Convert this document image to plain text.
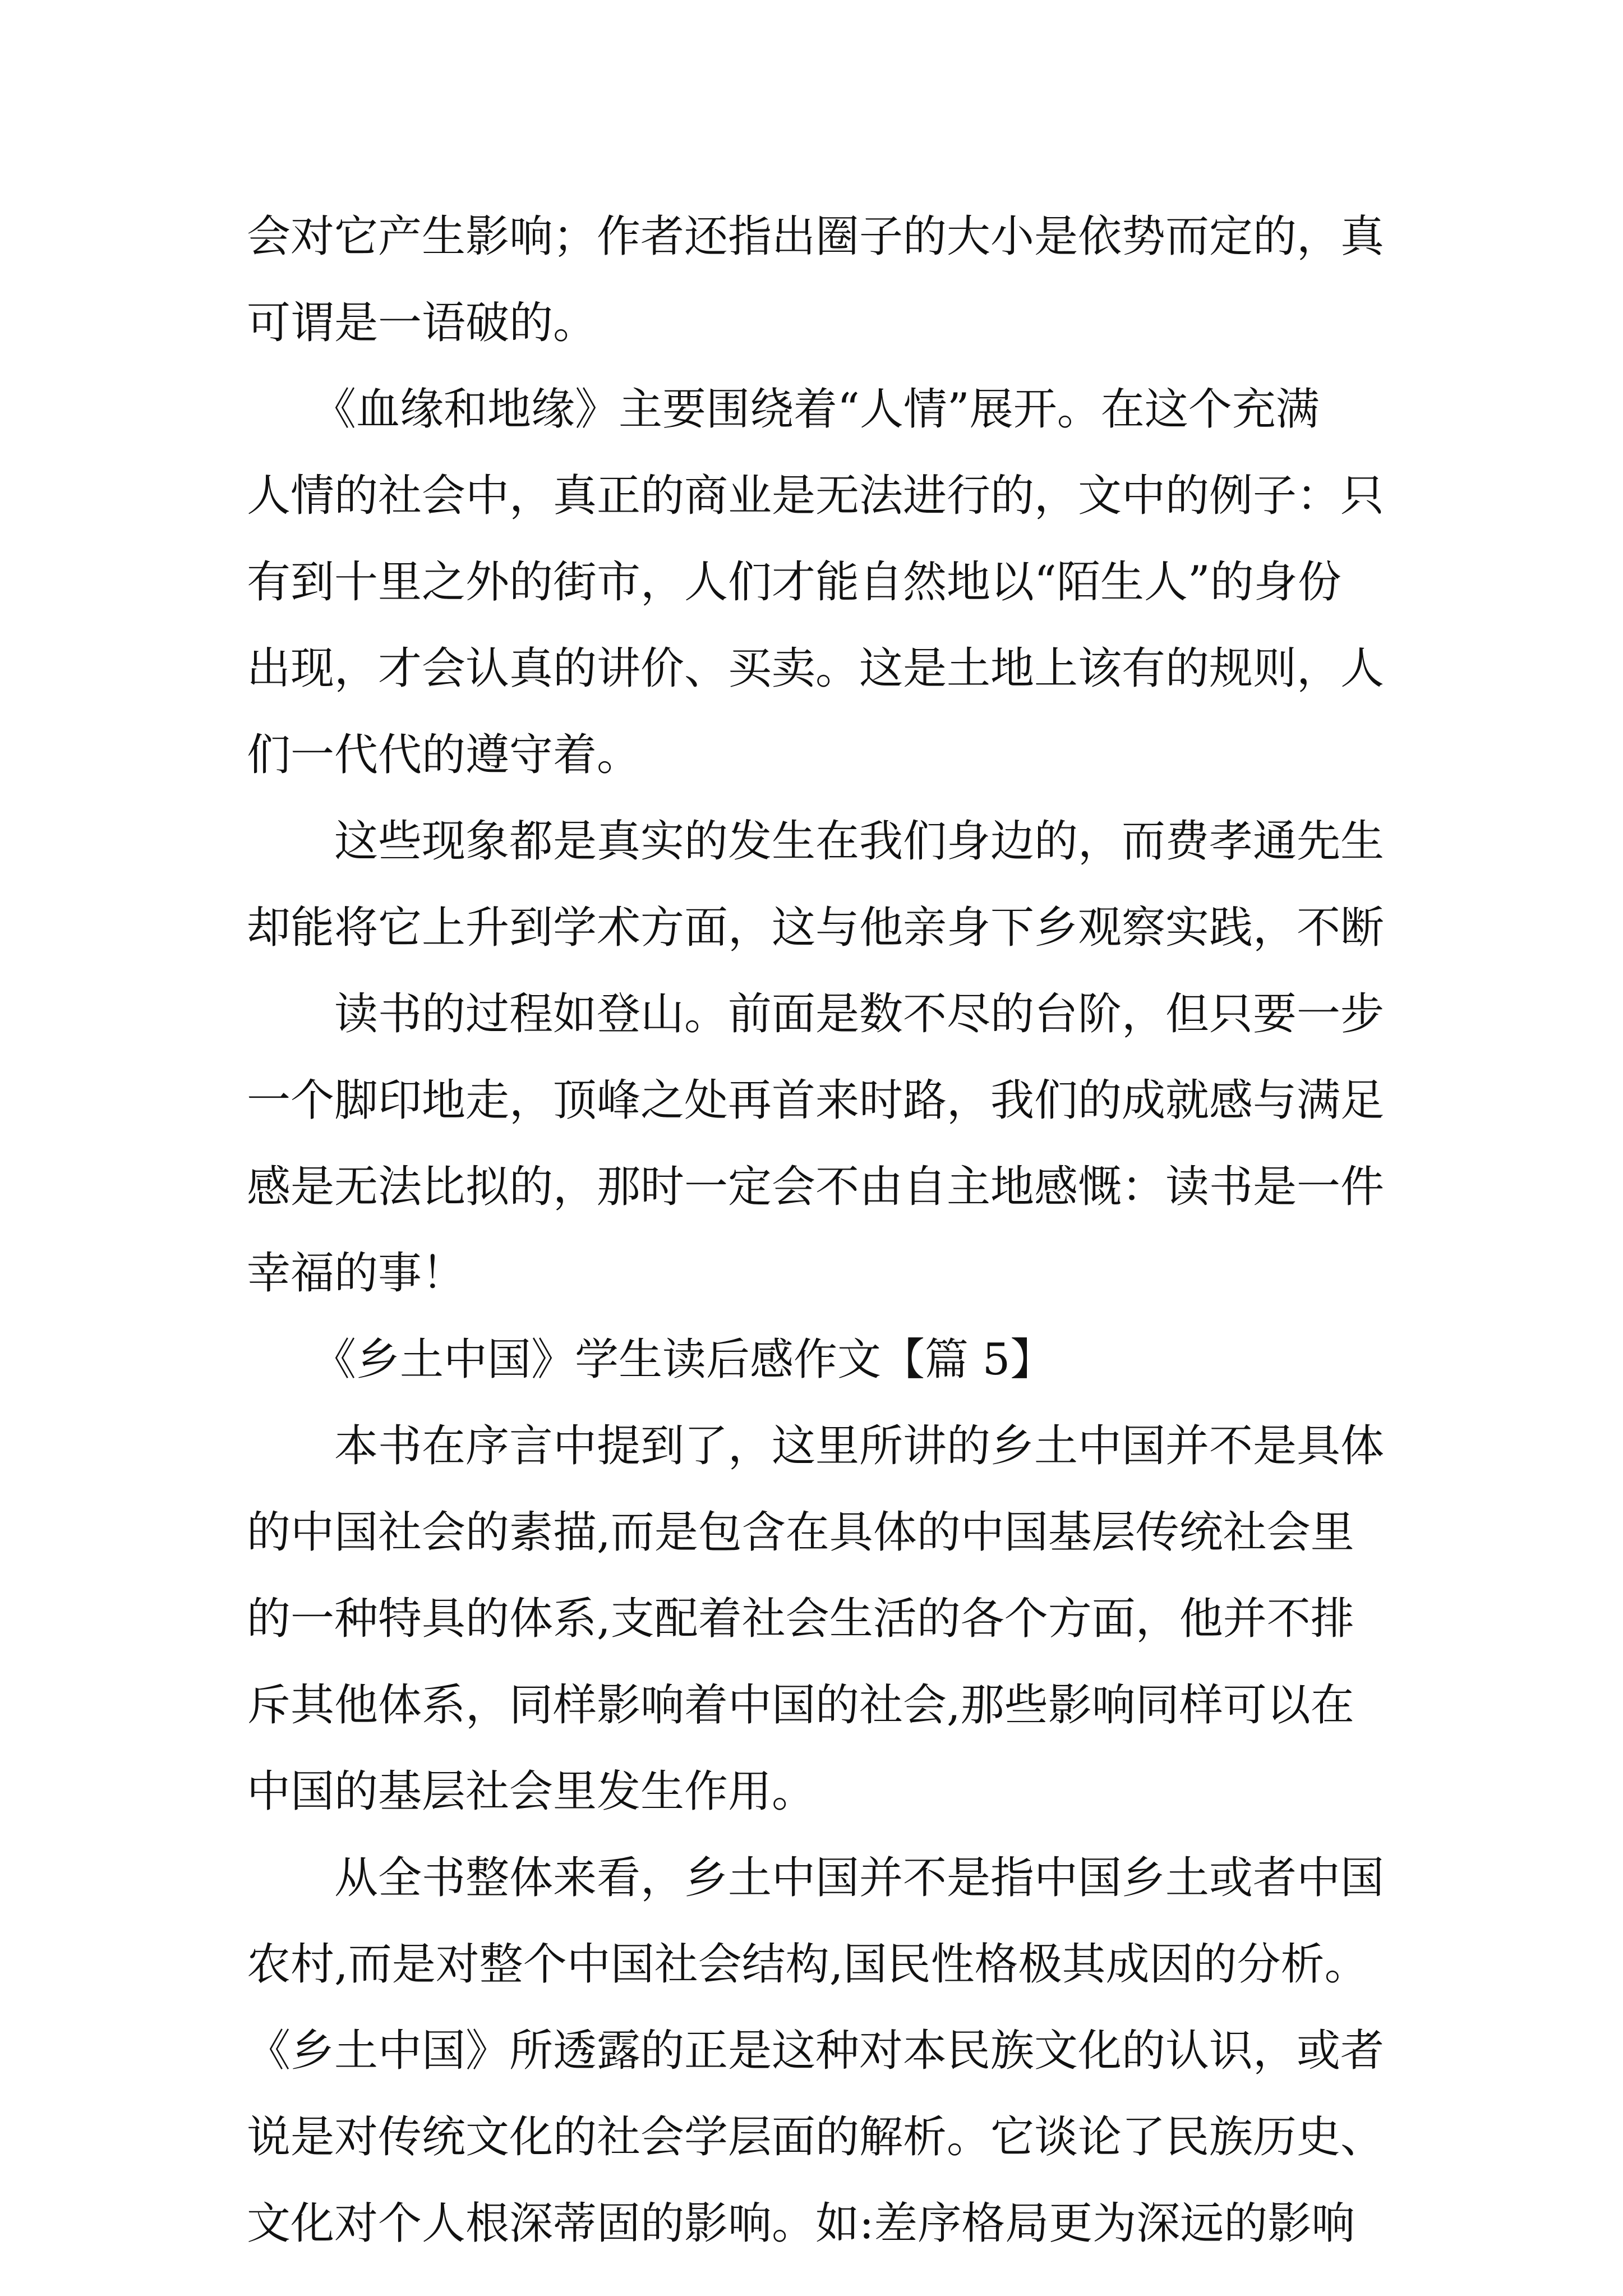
会对它产生影响；作者还指出圈子的大小是依势而定的，真
可谓是一语破的。
　　《血缘和地缘》主要围绕着“人情”展开。在这个充满
人情的社会中，真正的商业是无法进行的，文中的例子：只
有到十里之外的街市，人们才能自然地以“陌生人”的身份
出现，才会认真的讲价、买卖。这是土地上该有的规则，人
们一代代的遵守着。
　　这些现象都是真实的发生在我们身边的，而费孝通先生
却能将它上升到学术方面，这与他亲身下乡观察实践，不断
　　读书的过程如登山。前面是数不尽的台阶，但只要一步
一个脚印地走，顶峰之处再首来时路，我们的成就感与满足
感是无法比拟的，那时一定会不由自主地感慨：读书是一件
幸福的事！
　　《乡土中国》学生读后感作文【篇 5】
　　本书在序言中提到了，这里所讲的乡土中国并不是具体
的中国社会的素描,而是包含在具体的中国基层传统社会里
的一种特具的体系,支配着社会生活的各个方面，他并不排
斥其他体系，同样影响着中国的社会,那些影响同样可以在
中国的基层社会里发生作用。
　　从全书整体来看，乡土中国并不是指中国乡土或者中国
农村,而是对整个中国社会结构,国民性格极其成因的分析。
《乡土中国》所透露的正是这种对本民族文化的认识，或者
说是对传统文化的社会学层面的解析。它谈论了民族历史、
文化对个人根深蒂固的影响。如:差序格局更为深远的影响
